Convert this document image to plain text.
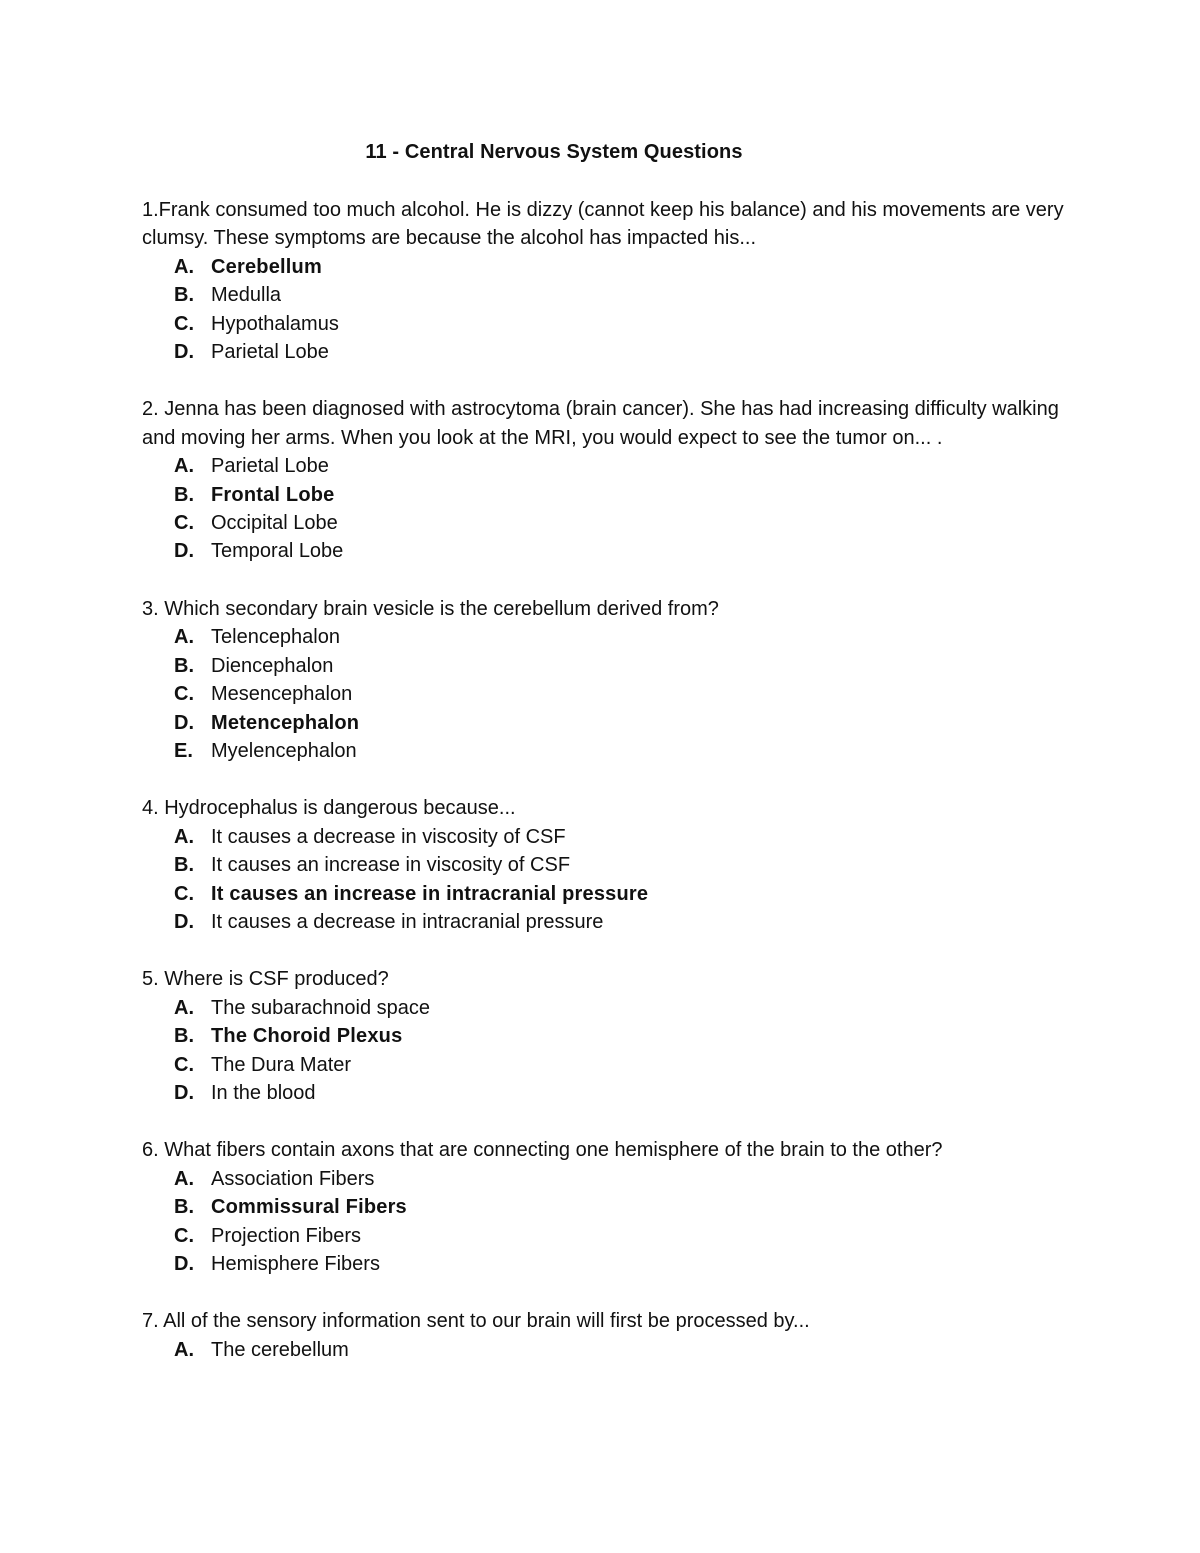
11 - Central Nervous System Questions

1.Frank consumed too much alcohol. He is dizzy (cannot keep his balance) and his movements are very clumsy. These symptoms are because the alcohol has impacted his...

A. Cerebellum
B. Medulla
C. Hypothalamus
D. Parietal Lobe

2. Jenna has been diagnosed with astrocytoma (brain cancer). She has had increasing difficulty walking and moving her arms. When you look at the MRI, you would expect to see the tumor on... .

A. Parietal Lobe
B. Frontal Lobe
C. Occipital Lobe
D. Temporal Lobe

3. Which secondary brain vesicle is the cerebellum derived from?

A. Telencephalon
B. Diencephalon
C. Mesencephalon
D. Metencephalon
E. Myelencephalon

4. Hydrocephalus is dangerous because...

A. It causes a decrease in viscosity of CSF
B. It causes an increase in viscosity of CSF
C. It causes an increase in intracranial pressure
D. It causes a decrease in intracranial pressure

5. Where is CSF produced?

A. The subarachnoid space
B. The Choroid Plexus
C. The Dura Mater
D. In the blood

6. What fibers contain axons that are connecting one hemisphere of the brain to the other?

A. Association Fibers
B. Commissural Fibers
C. Projection Fibers
D. Hemisphere Fibers

7. All of the sensory information sent to our brain will first be processed by...

A. The cerebellum
